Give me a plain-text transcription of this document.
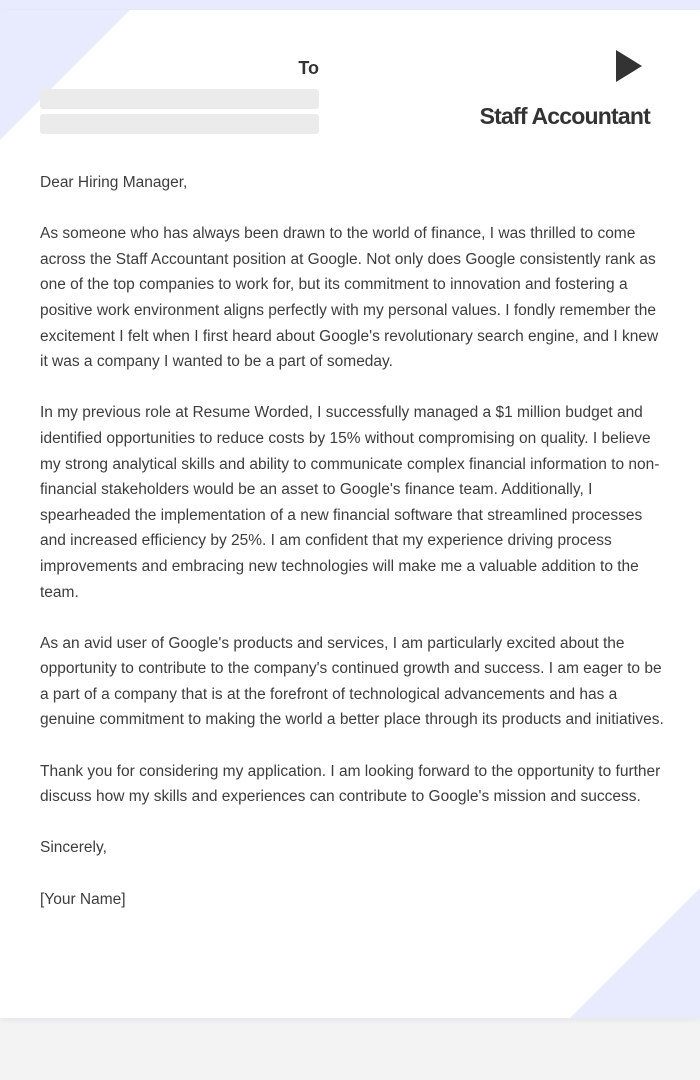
To
Staff Accountant

Dear Hiring Manager,

As someone who has always been drawn to the world of finance, I was thrilled to come across the Staff Accountant position at Google. Not only does Google consistently rank as one of the top companies to work for, but its commitment to innovation and fostering a positive work environment aligns perfectly with my personal values. I fondly remember the excitement I felt when I first heard about Google's revolutionary search engine, and I knew it was a company I wanted to be a part of someday.

In my previous role at Resume Worded, I successfully managed a $1 million budget and identified opportunities to reduce costs by 15% without compromising on quality. I believe my strong analytical skills and ability to communicate complex financial information to non-financial stakeholders would be an asset to Google's finance team. Additionally, I spearheaded the implementation of a new financial software that streamlined processes and increased efficiency by 25%. I am confident that my experience driving process improvements and embracing new technologies will make me a valuable addition to the team.

As an avid user of Google's products and services, I am particularly excited about the opportunity to contribute to the company's continued growth and success. I am eager to be a part of a company that is at the forefront of technological advancements and has a genuine commitment to making the world a better place through its products and initiatives.

Thank you for considering my application. I am looking forward to the opportunity to further discuss how my skills and experiences can contribute to Google's mission and success.

Sincerely,

[Your Name]
